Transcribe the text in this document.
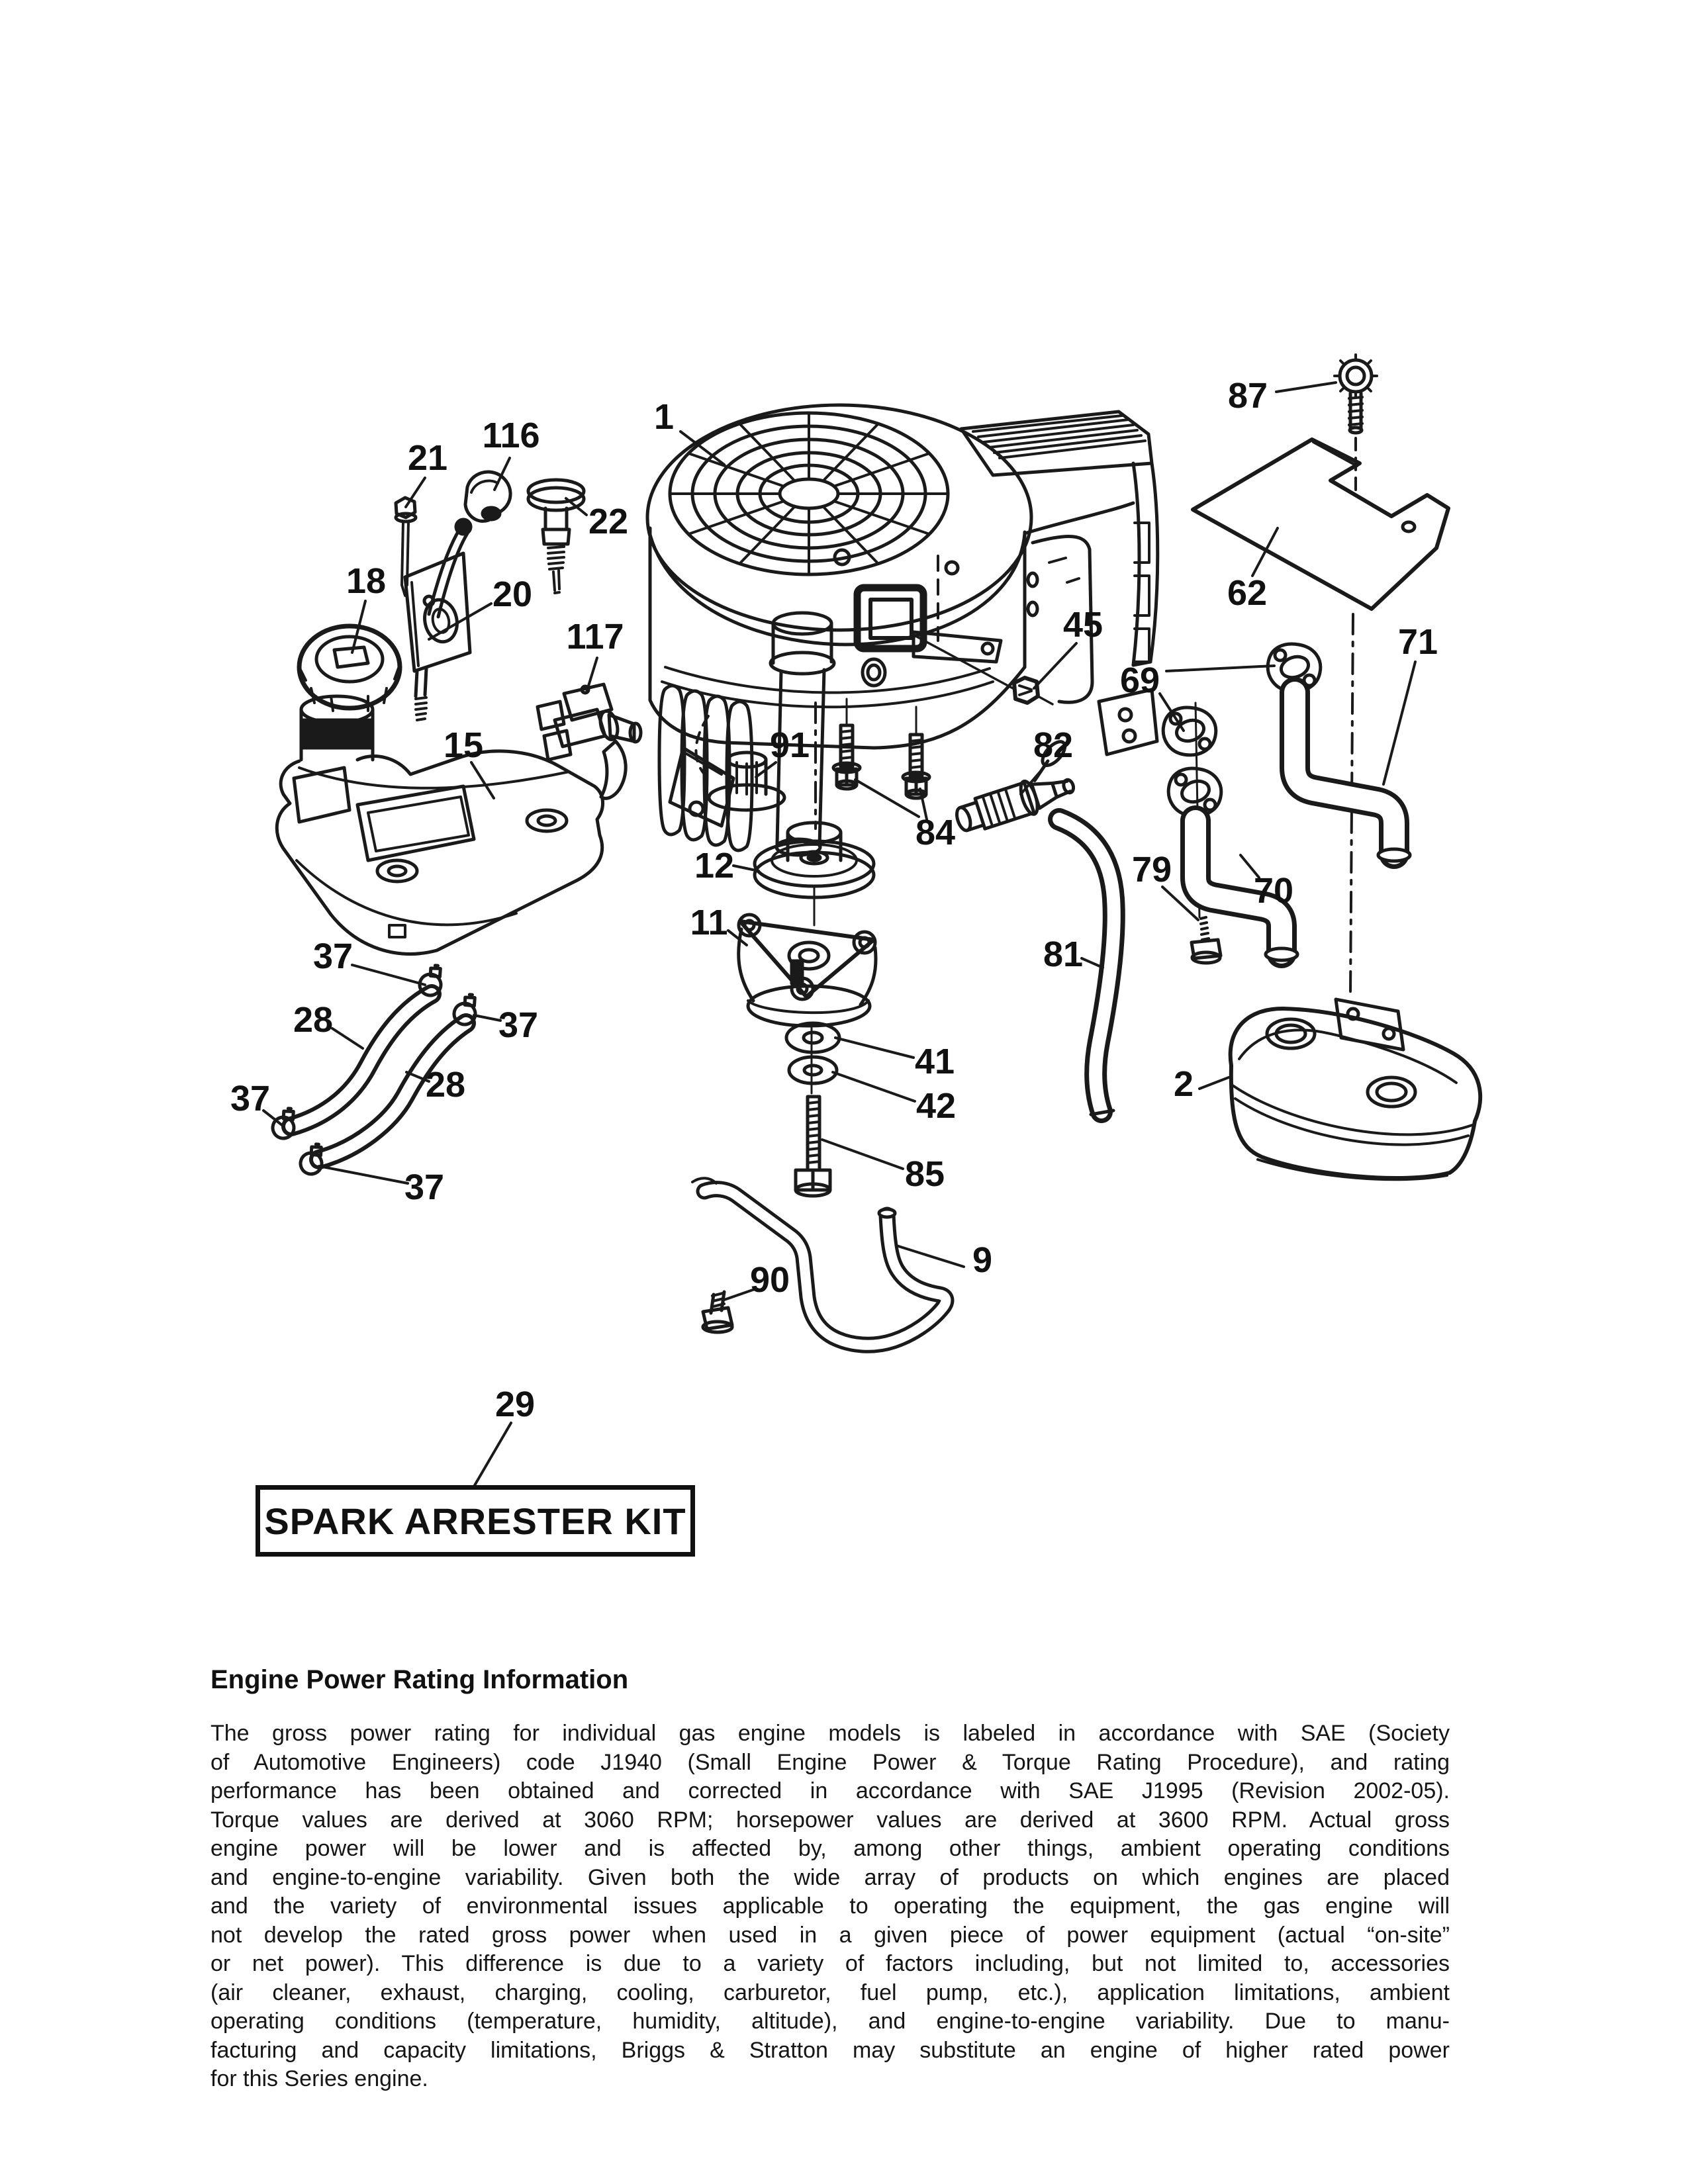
1
87
116
21
22
18	20	62
71
117	45
69
15	91	82
84
12	79
70
11
81
37
28	37
41
42
2
37	28
85
37
90	9
29
SPARK ARRESTER KIT
Engine Power Rating Information
The gross power rating for individual gas engine models is labeled in accordance with SAE (Society
of Automotive Engineers) code J1940 (Small Engine Power & Torque Rating Procedure), and rating
performance has been obtained and corrected in accordance with SAE J1995 (Revision 2002-05).
Torque values are derived at 3060 RPM; horsepower values are derived at 3600 RPM. Actual gross
engine power will be lower and is affected by, among other things, ambient operating conditions
and engine-to-engine variability. Given both the wide array of products on which engines are placed
and the variety of environmental issues applicable to operating the equipment, the gas engine will
not develop the rated gross power when used in a given piece of power equipment (actual “on-site”
or net power). This difference is due to a variety of factors including, but not limited to, accessories
(air cleaner, exhaust, charging, cooling, carburetor, fuel pump, etc.), application limitations, ambient
operating conditions (temperature, humidity, altitude), and engine-to-engine variability. Due to manu-
facturing and capacity limitations, Briggs & Stratton may substitute an engine of higher rated power
for this Series engine.
